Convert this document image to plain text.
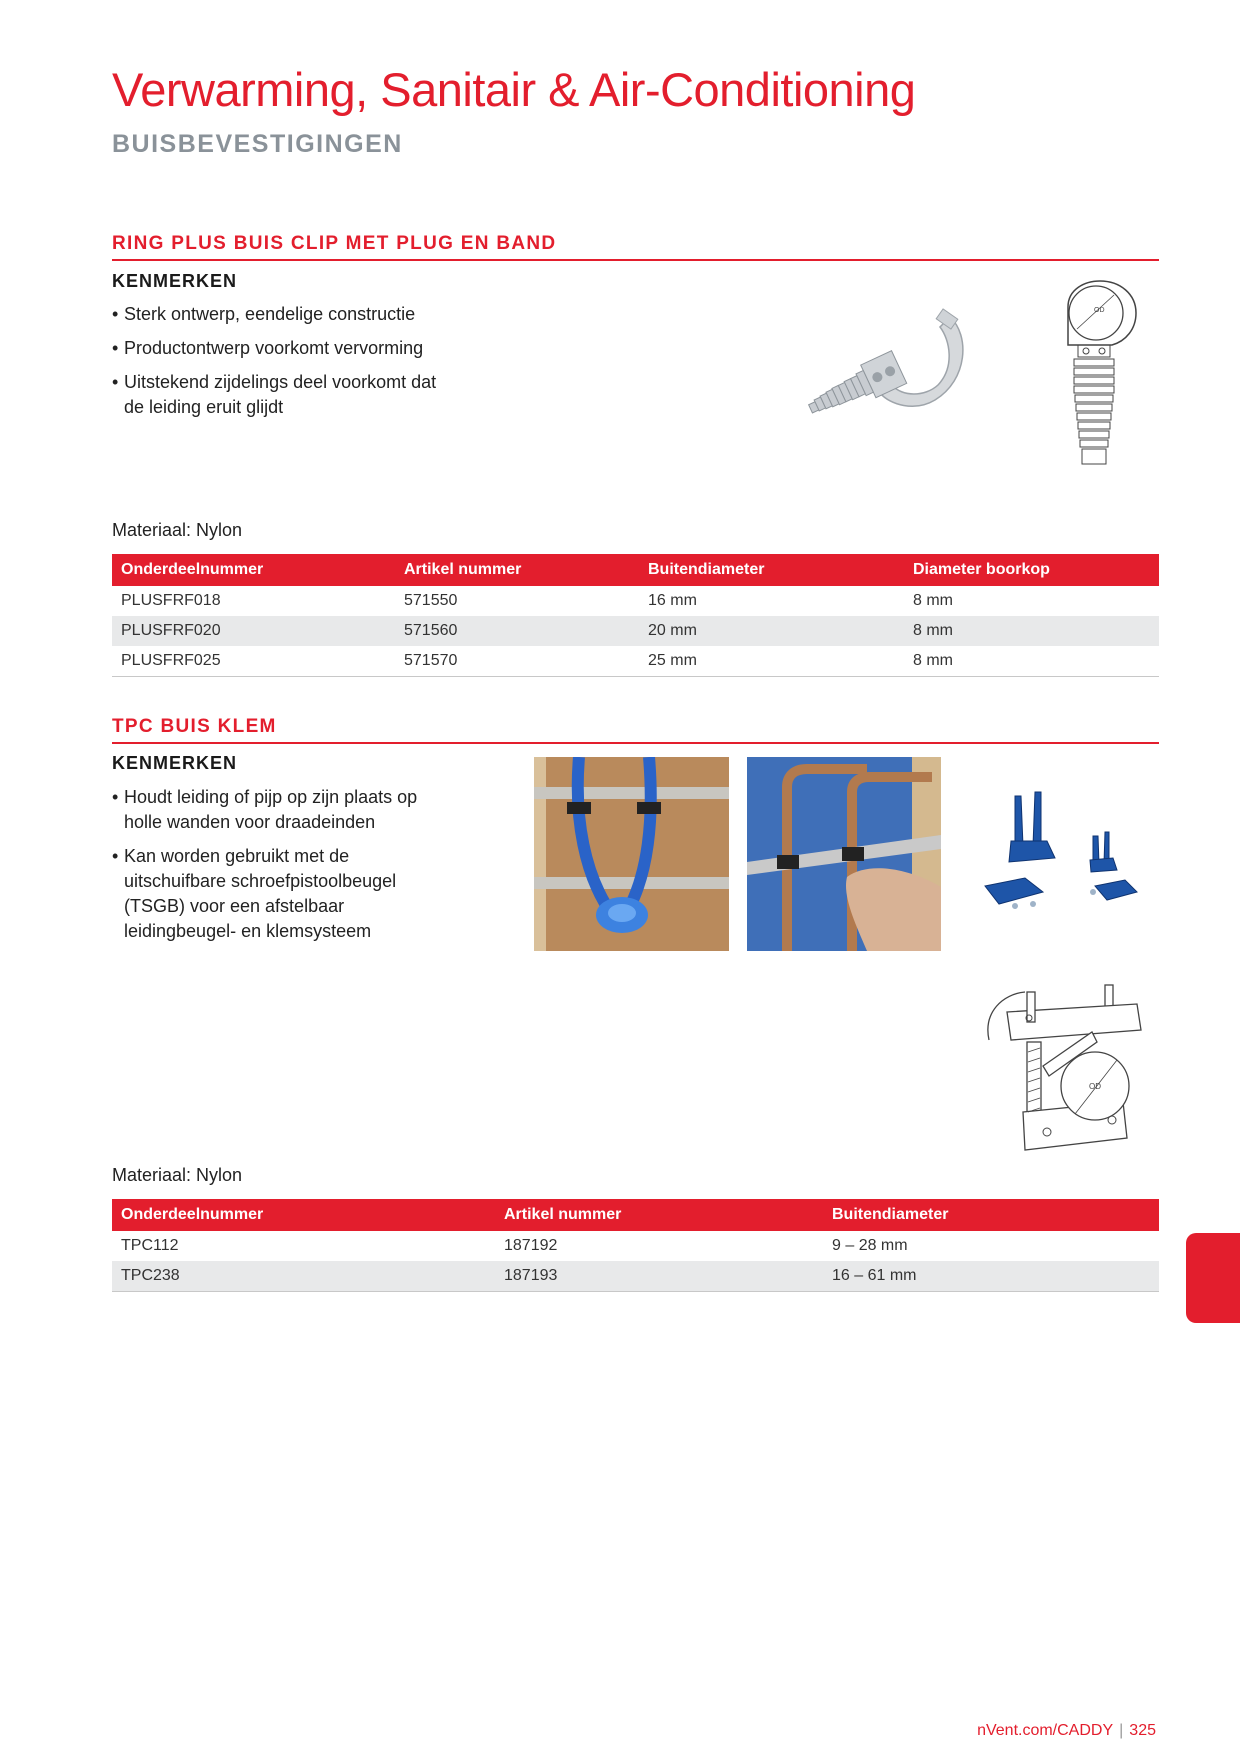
Verwarming, Sanitair & Air-Conditioning
BUISBEVESTIGINGEN
RING PLUS BUIS CLIP MET PLUG EN BAND
KENMERKEN
• Sterk ontwerp, eendelige constructie
• Productontwerp voorkomt vervorming
• Uitstekend zijdelings deel voorkomt dat de leiding eruit glijdt
OD
Materiaal: Nylon
Onderdeelnummer	Artikel nummer	Buitendiameter	Diameter boorkop
PLUSFRF018	571550	16 mm	8 mm
PLUSFRF020	571560	20 mm	8 mm
PLUSFRF025	571570	25 mm	8 mm
TPC BUIS KLEM
KENMERKEN
• Houdt leiding of pijp op zijn plaats op holle wanden voor draadeinden
• Kan worden gebruikt met de uitschuifbare schroefpistoolbeugel (TSGB) voor een afstelbaar leidingbeugel- en klemsysteem
OD
Materiaal: Nylon
Onderdeelnummer	Artikel nummer	Buitendiameter
TPC112	187192	9 – 28 mm
TPC238	187193	16 – 61 mm
nVent.com/CADDY | 325
